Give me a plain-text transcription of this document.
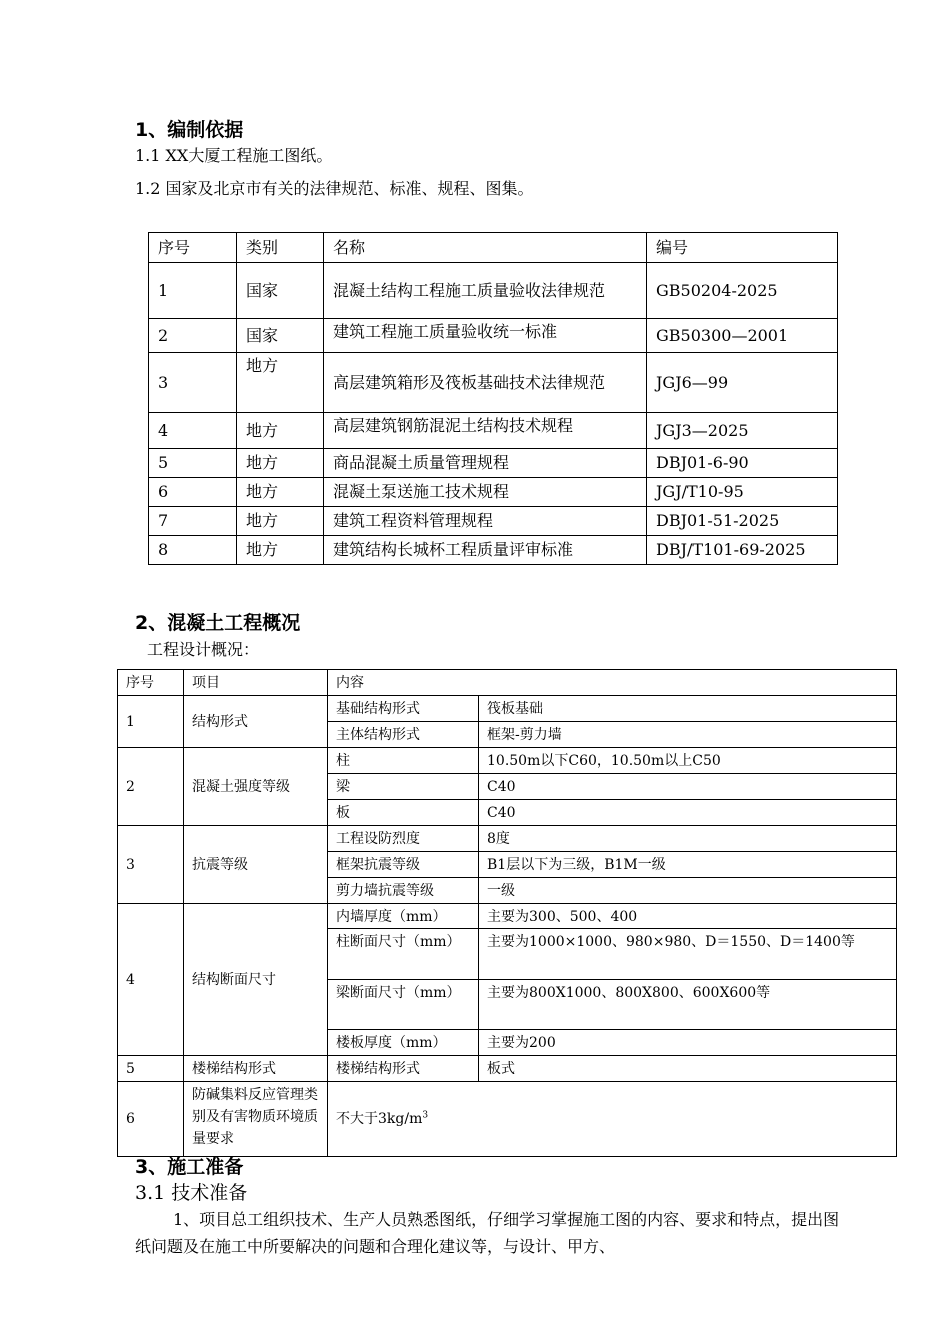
1、编制依据
1.1 XX大厦工程施工图纸。
1.2 国家及北京市有关的法律规范、标准、规程、图集。
序号	类别	名称	编号
1	国家	混凝土结构工程施工质量验收法律规范	GB50204-2025
2	国家	建筑工程施工质量验收统一标准	GB50300—2001
3	地方	高层建筑箱形及筏板基础技术法律规范	JGJ6—99
4	地方	高层建筑钢筋混泥土结构技术规程	JGJ3—2025
5	地方	商品混凝土质量管理规程	DBJ01-6-90
6	地方	混凝土泵送施工技术规程	JGJ/T10-95
7	地方	建筑工程资料管理规程	DBJ01-51-2025
8	地方	建筑结构长城杯工程质量评审标准	DBJ/T101-69-2025
2、混凝土工程概况
工程设计概况：
序号	项目	内容	
1	结构形式	基础结构形式	筏板基础
		主体结构形式	框架-剪力墙
2	混凝土强度等级	柱	10.50m以下C60，10.50m以上C50
		梁	C40
		板	C40
3	抗震等级	工程设防烈度	8度
		框架抗震等级	B1层以下为三级，B1M一级
		剪力墙抗震等级	一级
4	结构断面尺寸	内墙厚度（mm）	主要为300、500、400
		柱断面尺寸（mm）	主要为1000×1000、980×980、D＝1550、D＝1400等
		梁断面尺寸（mm）	主要为800X1000、800X800、600X600等
		楼板厚度（mm）	主要为200
5	楼梯结构形式	楼梯结构形式	板式
6	防碱集料反应管理类别及有害物质环境质量要求	不大于$3kg/m^3$
3、施工准备
3.1 技术准备
1、项目总工组织技术、生产人员熟悉图纸，仔细学习掌握施工图的内容、要求和特点，提出图纸问题及在施工中所要解决的问题和合理化建议等，与设计、甲方、
